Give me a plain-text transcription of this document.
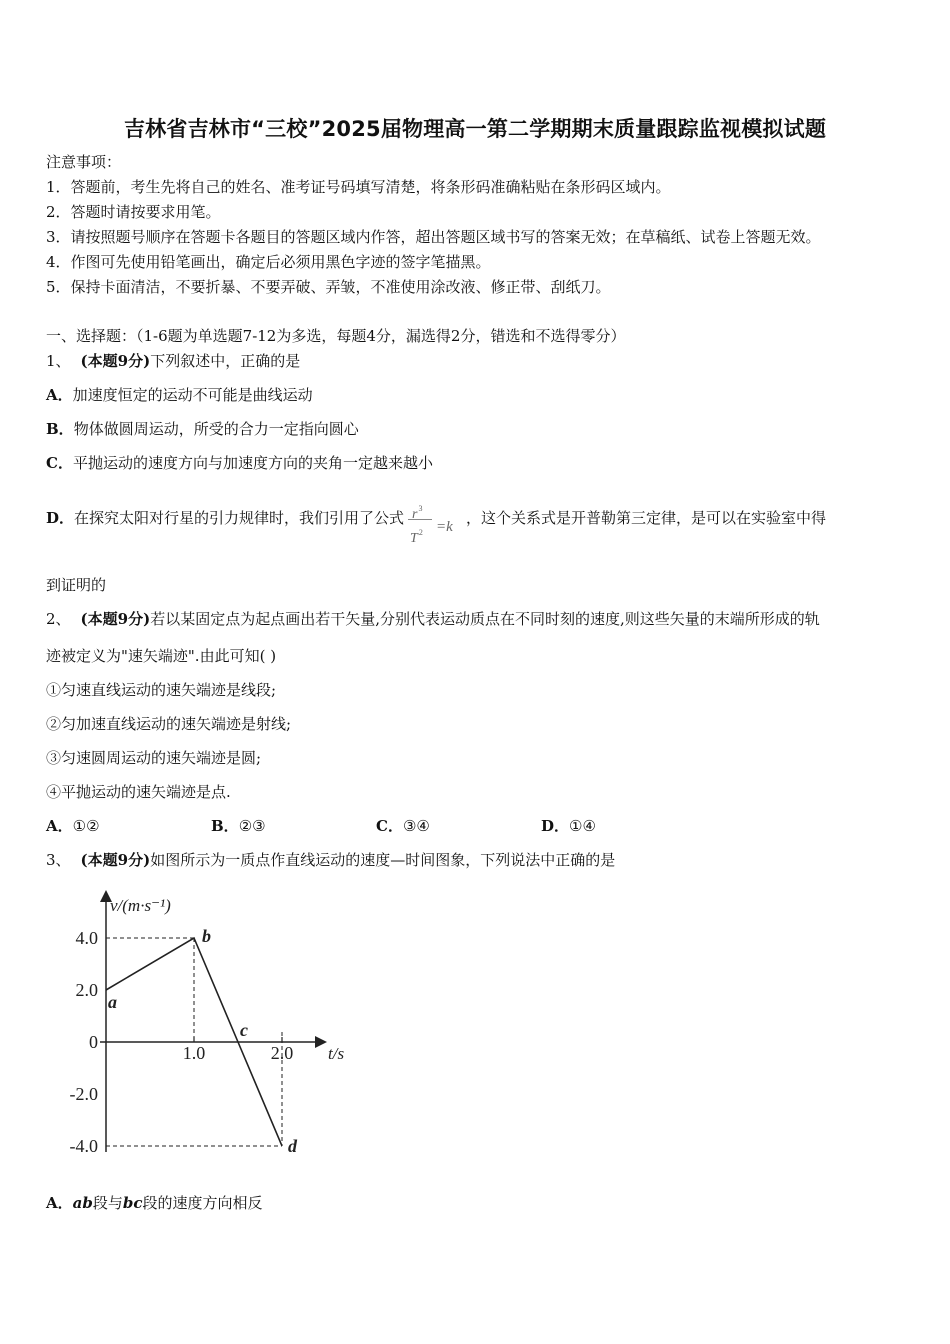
吉林省吉林市“三校”2025届物理高一第二学期期末质量跟踪监视模拟试题
注意事项：
1．答题前，考生先将自己的姓名、准考证号码填写清楚，将条形码准确粘贴在条形码区域内。
2．答题时请按要求用笔。
3．请按照题号顺序在答题卡各题目的答题区域内作答，超出答题区域书写的答案无效；在草稿纸、试卷上答题无效。
4．作图可先使用铅笔画出，确定后必须用黑色字迹的签字笔描黑。
5．保持卡面清洁，不要折暴、不要弄破、弄皱，不准使用涂改液、修正带、刮纸刀。
一、选择题：（1-6题为单选题7-12为多选，每题4分，漏选得2分，错选和不选得零分）
1、 (本题9分)下列叙述中，正确的是
A．加速度恒定的运动不可能是曲线运动
B．物体做圆周运动，所受的合力一定指向圆心
C．平抛运动的速度方向与加速度方向的夹角一定越来越小
D．在探究太阳对行星的引力规律时，我们引用了公式 $r^3$
$T^2 =k$ ，这个关系式是开普勒第三定律，是可以在实验室中得
到证明的
2、 (本题9分)若以某固定点为起点画出若干矢量,分别代表运动质点在不同时刻的速度,则这些矢量的末端所形成的轨
迹被定义为"速矢端迹".由此可知( )
①匀速直线运动的速矢端迹是线段;
②匀加速直线运动的速矢端迹是射线;
③匀速圆周运动的速矢端迹是圆;
④平抛运动的速矢端迹是点.
A．①②	B．②③	C．③④	D．①④
3、 (本题9分)如图所示为一质点作直线运动的速度—时间图象，下列说法中正确的是
v/(m·s⁻¹)
t/s
4.0
2.0
0
-2.0
-4.0
1.0	2.0
a
b
c
d
A．ab段与bc段的速度方向相反
